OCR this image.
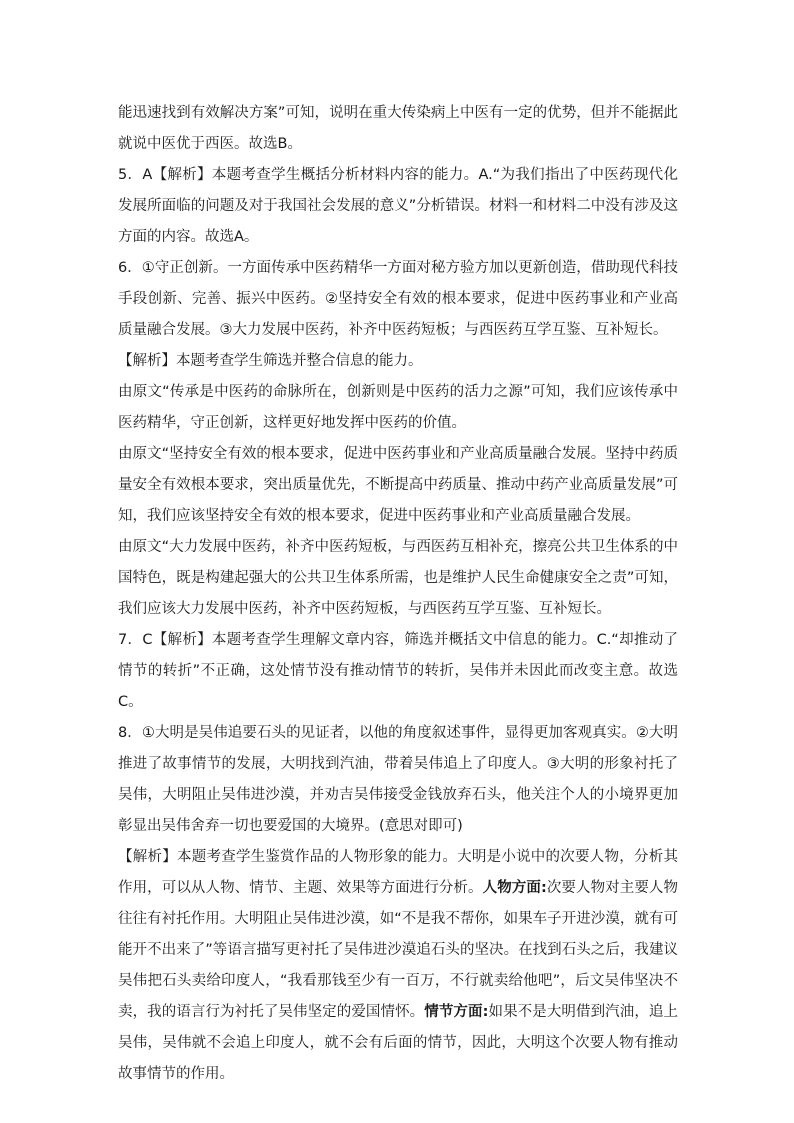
能迅速找到有效解决方案”可知，说明在重大传染病上中医有一定的优势，但并不能据此就说中医优于西医。故选B。

5．A【解析】本题考查学生概括分析材料内容的能力。A.“为我们指出了中医药现代化发展所面临的问题及对于我国社会发展的意义”分析错误。材料一和材料二中没有涉及这方面的内容。故选A。

6．①守正创新。一方面传承中医药精华一方面对秘方验方加以更新创造，借助现代科技手段创新、完善、振兴中医药。②坚持安全有效的根本要求，促进中医药事业和产业高质量融合发展。③大力发展中医药，补齐中医药短板；与西医药互学互鉴、互补短长。

【解析】本题考查学生筛选并整合信息的能力。

由原文“传承是中医药的命脉所在，创新则是中医药的活力之源”可知，我们应该传承中医药精华，守正创新，这样更好地发挥中医药的价值。

由原文“坚持安全有效的根本要求，促进中医药事业和产业高质量融合发展。坚持中药质量安全有效根本要求，突出质量优先，不断提高中药质量、推动中药产业高质量发展”可知，我们应该坚持安全有效的根本要求，促进中医药事业和产业高质量融合发展。

由原文“大力发展中医药，补齐中医药短板，与西医药互相补充，擦亮公共卫生体系的中国特色，既是构建起强大的公共卫生体系所需，也是维护人民生命健康安全之责”可知，我们应该大力发展中医药，补齐中医药短板，与西医药互学互鉴、互补短长。

7．C【解析】本题考查学生理解文章内容，筛选并概括文中信息的能力。C.“却推动了情节的转折”不正确，这处情节没有推动情节的转折，吴伟并未因此而改变主意。故选C。

8．①大明是吴伟追要石头的见证者，以他的角度叙述事件，显得更加客观真实。②大明推进了故事情节的发展，大明找到汽油，带着吴伟追上了印度人。③大明的形象衬托了吴伟，大明阻止吴伟进沙漠，并劝吉吴伟接受金钱放弃石头，他关注个人的小境界更加彰显出吴伟舍弃一切也要爱国的大境界。(意思对即可)

【解析】本题考查学生鉴赏作品的人物形象的能力。大明是小说中的次要人物，分析其作用，可以从人物、情节、主题、效果等方面进行分析。人物方面:次要人物对主要人物往往有衬托作用。大明阻止吴伟进沙漠，如“不是我不帮你，如果车子开进沙漠，就有可能开不出来了”等语言描写更衬托了吴伟进沙漠追石头的坚决。在找到石头之后，我建议吴伟把石头卖给印度人，“我看那钱至少有一百万，不行就卖给他吧”，后文吴伟坚决不卖，我的语言行为衬托了吴伟坚定的爱国情怀。情节方面:如果不是大明借到汽油，追上吴伟，吴伟就不会追上印度人，就不会有后面的情节，因此，大明这个次要人物有推动故事情节的作用。
